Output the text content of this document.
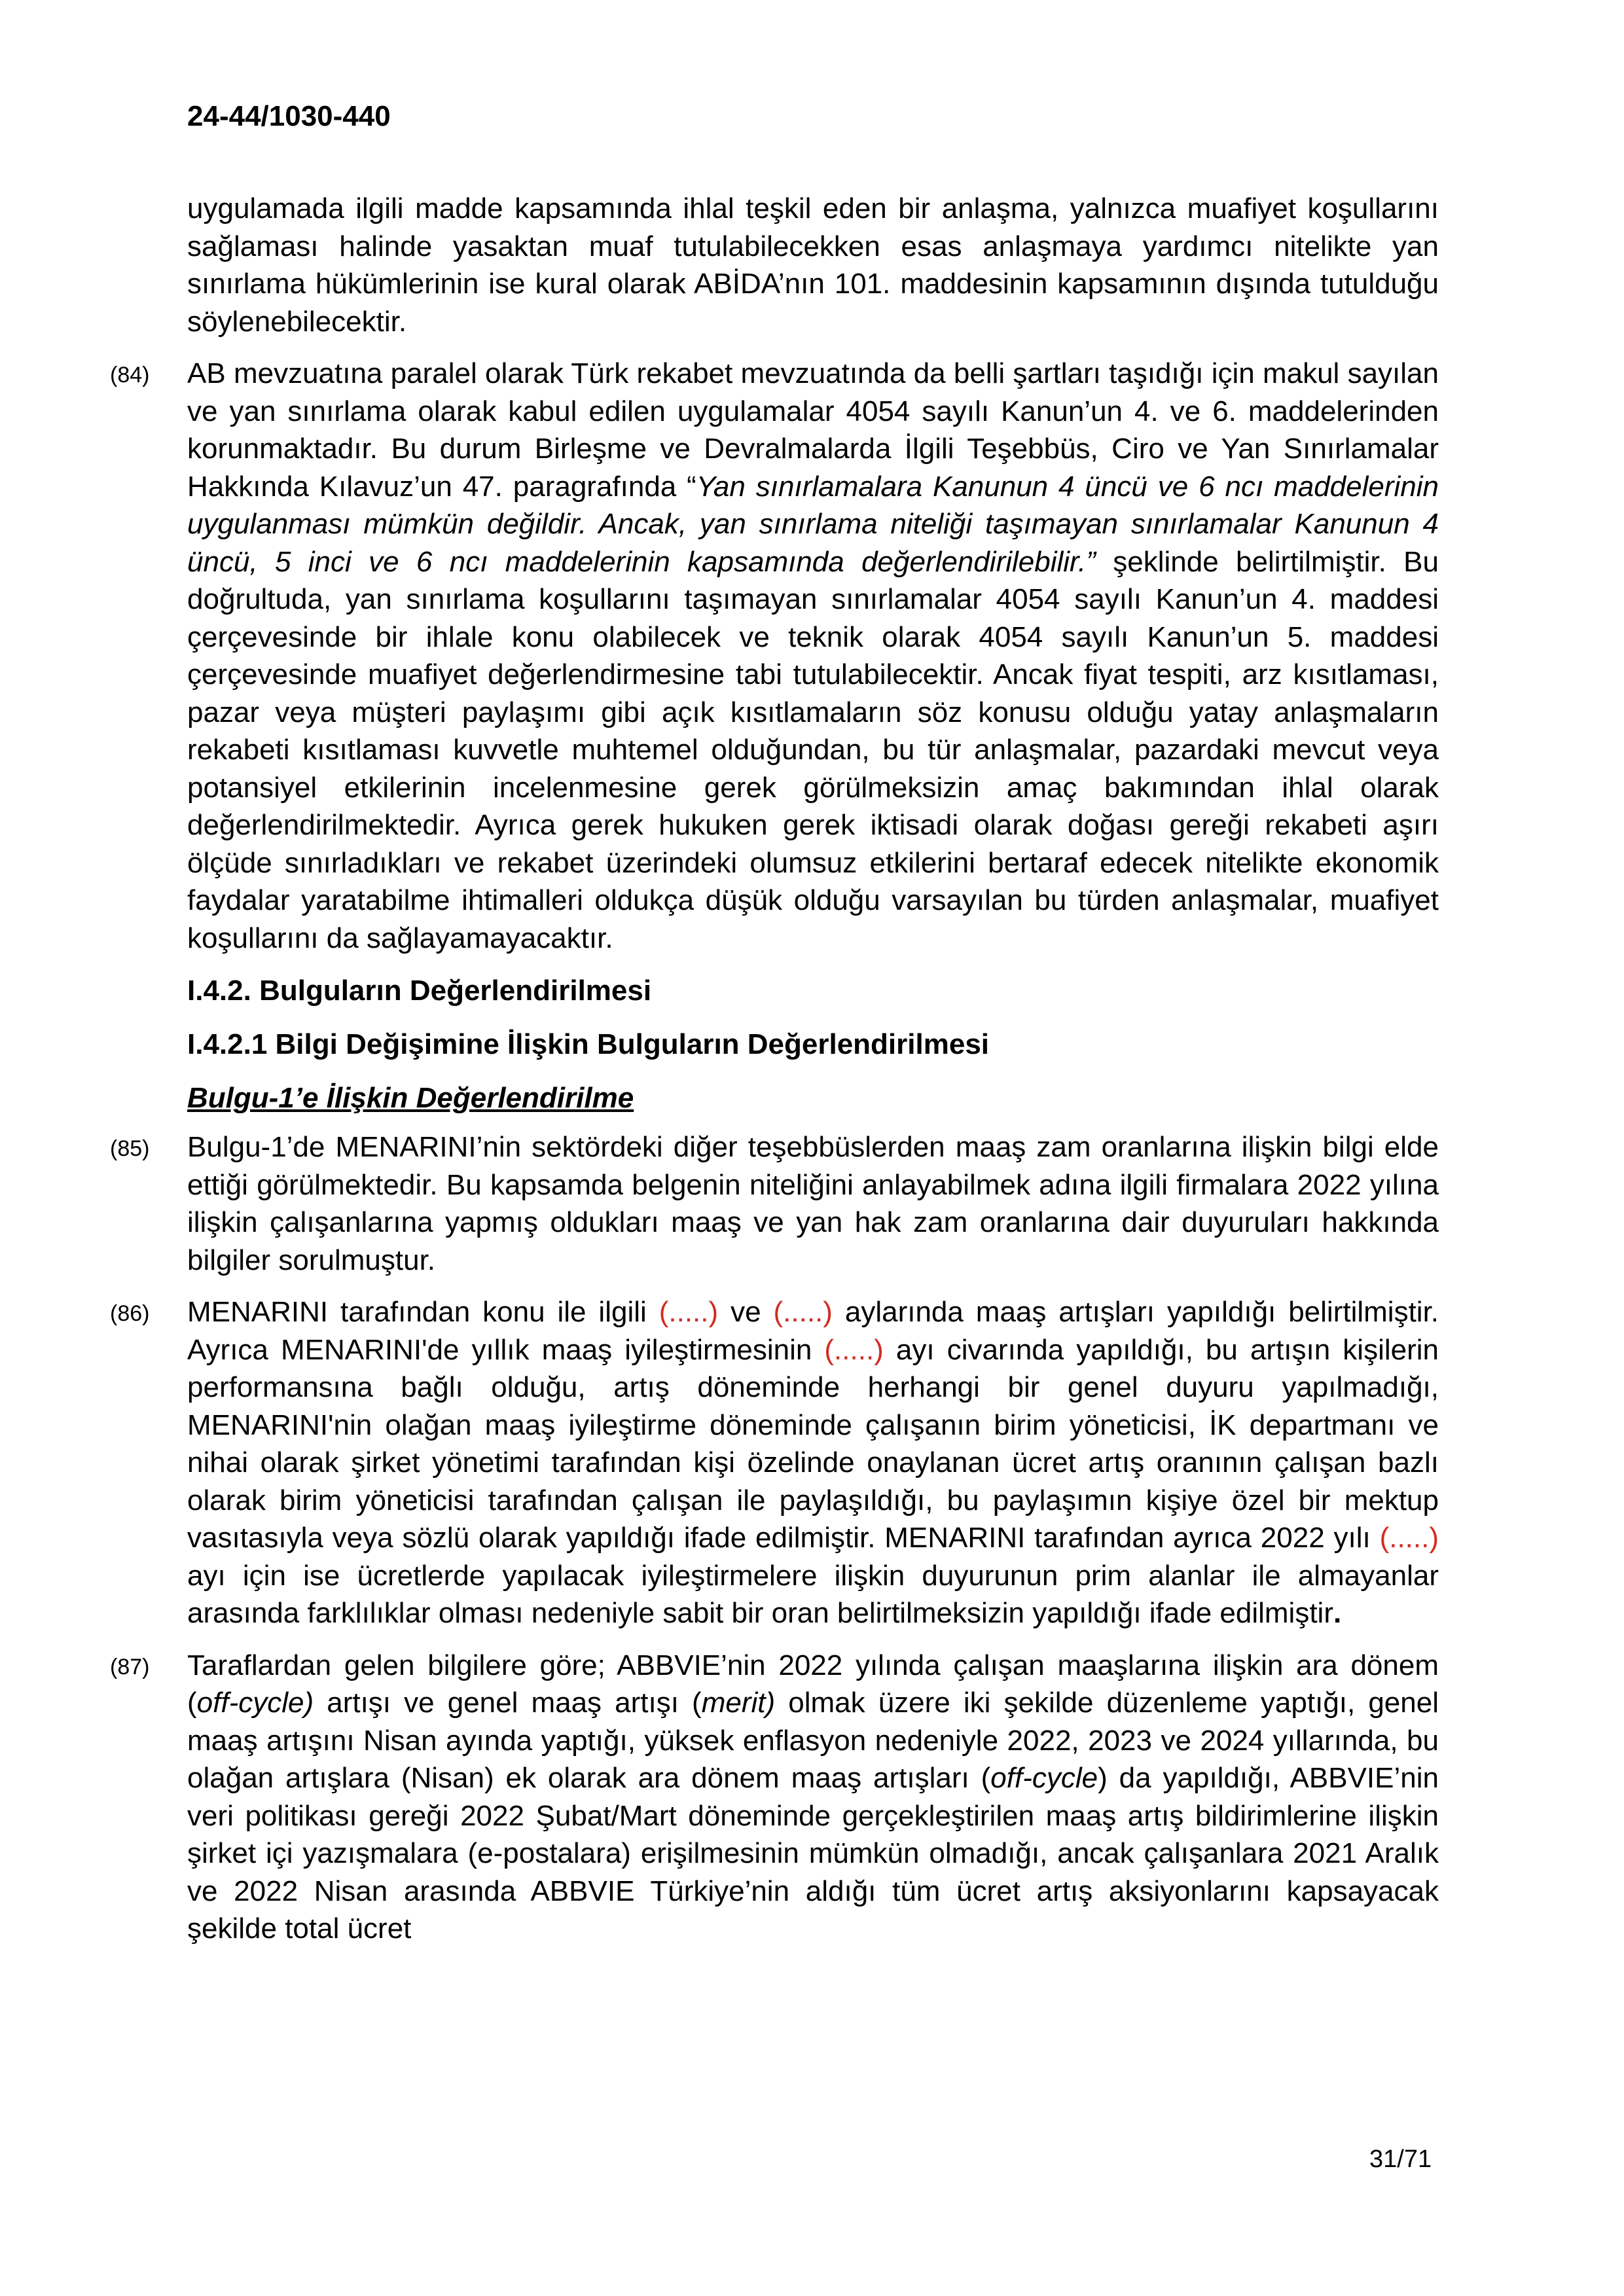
24-44/1030-440

uygulamada ilgili madde kapsamında ihlal teşkil eden bir anlaşma, yalnızca muafiyet koşullarını sağlaması halinde yasaktan muaf tutulabilecekken esas anlaşmaya yardımcı nitelikte yan sınırlama hükümlerinin ise kural olarak ABİDA’nın 101. maddesinin kapsamının dışında tutulduğu söylenebilecektir.

(84) AB mevzuatına paralel olarak Türk rekabet mevzuatında da belli şartları taşıdığı için makul sayılan ve yan sınırlama olarak kabul edilen uygulamalar 4054 sayılı Kanun’un 4. ve 6. maddelerinden korunmaktadır. Bu durum Birleşme ve Devralmalarda İlgili Teşebbüs, Ciro ve Yan Sınırlamalar Hakkında Kılavuz’un 47. paragrafında “Yan sınırlamalara Kanunun 4 üncü ve 6 ncı maddelerinin uygulanması mümkün değildir. Ancak, yan sınırlama niteliği taşımayan sınırlamalar Kanunun 4 üncü, 5 inci ve 6 ncı maddelerinin kapsamında değerlendirilebilir.” şeklinde belirtilmiştir. Bu doğrultuda, yan sınırlama koşullarını taşımayan sınırlamalar 4054 sayılı Kanun’un 4. maddesi çerçevesinde bir ihlale konu olabilecek ve teknik olarak 4054 sayılı Kanun’un 5. maddesi çerçevesinde muafiyet değerlendirmesine tabi tutulabilecektir. Ancak fiyat tespiti, arz kısıtlaması, pazar veya müşteri paylaşımı gibi açık kısıtlamaların söz konusu olduğu yatay anlaşmaların rekabeti kısıtlaması kuvvetle muhtemel olduğundan, bu tür anlaşmalar, pazardaki mevcut veya potansiyel etkilerinin incelenmesine gerek görülmeksizin amaç bakımından ihlal olarak değerlendirilmektedir. Ayrıca gerek hukuken gerek iktisadi olarak doğası gereği rekabeti aşırı ölçüde sınırladıkları ve rekabet üzerindeki olumsuz etkilerini bertaraf edecek nitelikte ekonomik faydalar yaratabilme ihtimalleri oldukça düşük olduğu varsayılan bu türden anlaşmalar, muafiyet koşullarını da sağlayamayacaktır.

I.4.2. Bulguların Değerlendirilmesi
I.4.2.1 Bilgi Değişimine İlişkin Bulguların Değerlendirilmesi
Bulgu-1’e İlişkin Değerlendirilme

(85) Bulgu-1’de MENARINI’nin sektördeki diğer teşebbüslerden maaş zam oranlarına ilişkin bilgi elde ettiği görülmektedir. Bu kapsamda belgenin niteliğini anlayabilmek adına ilgili firmalara 2022 yılına ilişkin çalışanlarına yapmış oldukları maaş ve yan hak zam oranlarına dair duyuruları hakkında bilgiler sorulmuştur.

(86) MENARINI tarafından konu ile ilgili (.....) ve (.....) aylarında maaş artışları yapıldığı belirtilmiştir. Ayrıca MENARINI'de yıllık maaş iyileştirmesinin (.....) ayı civarında yapıldığı, bu artışın kişilerin performansına bağlı olduğu, artış döneminde herhangi bir genel duyuru yapılmadığı, MENARINI'nin olağan maaş iyileştirme döneminde çalışanın birim yöneticisi, İK departmanı ve nihai olarak şirket yönetimi tarafından kişi özelinde onaylanan ücret artış oranının çalışan bazlı olarak birim yöneticisi tarafından çalışan ile paylaşıldığı, bu paylaşımın kişiye özel bir mektup vasıtasıyla veya sözlü olarak yapıldığı ifade edilmiştir. MENARINI tarafından ayrıca 2022 yılı (.....) ayı için ise ücretlerde yapılacak iyileştirmelere ilişkin duyurunun prim alanlar ile almayanlar arasında farklılıklar olması nedeniyle sabit bir oran belirtilmeksizin yapıldığı ifade edilmiştir.

(87) Taraflardan gelen bilgilere göre; ABBVIE’nin 2022 yılında çalışan maaşlarına ilişkin ara dönem (off-cycle) artışı ve genel maaş artışı (merit) olmak üzere iki şekilde düzenleme yaptığı, genel maaş artışını Nisan ayında yaptığı, yüksek enflasyon nedeniyle 2022, 2023 ve 2024 yıllarında, bu olağan artışlara (Nisan) ek olarak ara dönem maaş artışları (off-cycle) da yapıldığı, ABBVIE’nin veri politikası gereği 2022 Şubat/Mart döneminde gerçekleştirilen maaş artış bildirimlerine ilişkin şirket içi yazışmalara (e-postalara) erişilmesinin mümkün olmadığı, ancak çalışanlara 2021 Aralık ve 2022 Nisan arasında ABBVIE Türkiye’nin aldığı tüm ücret artış aksiyonlarını kapsayacak şekilde total ücret

31/71
